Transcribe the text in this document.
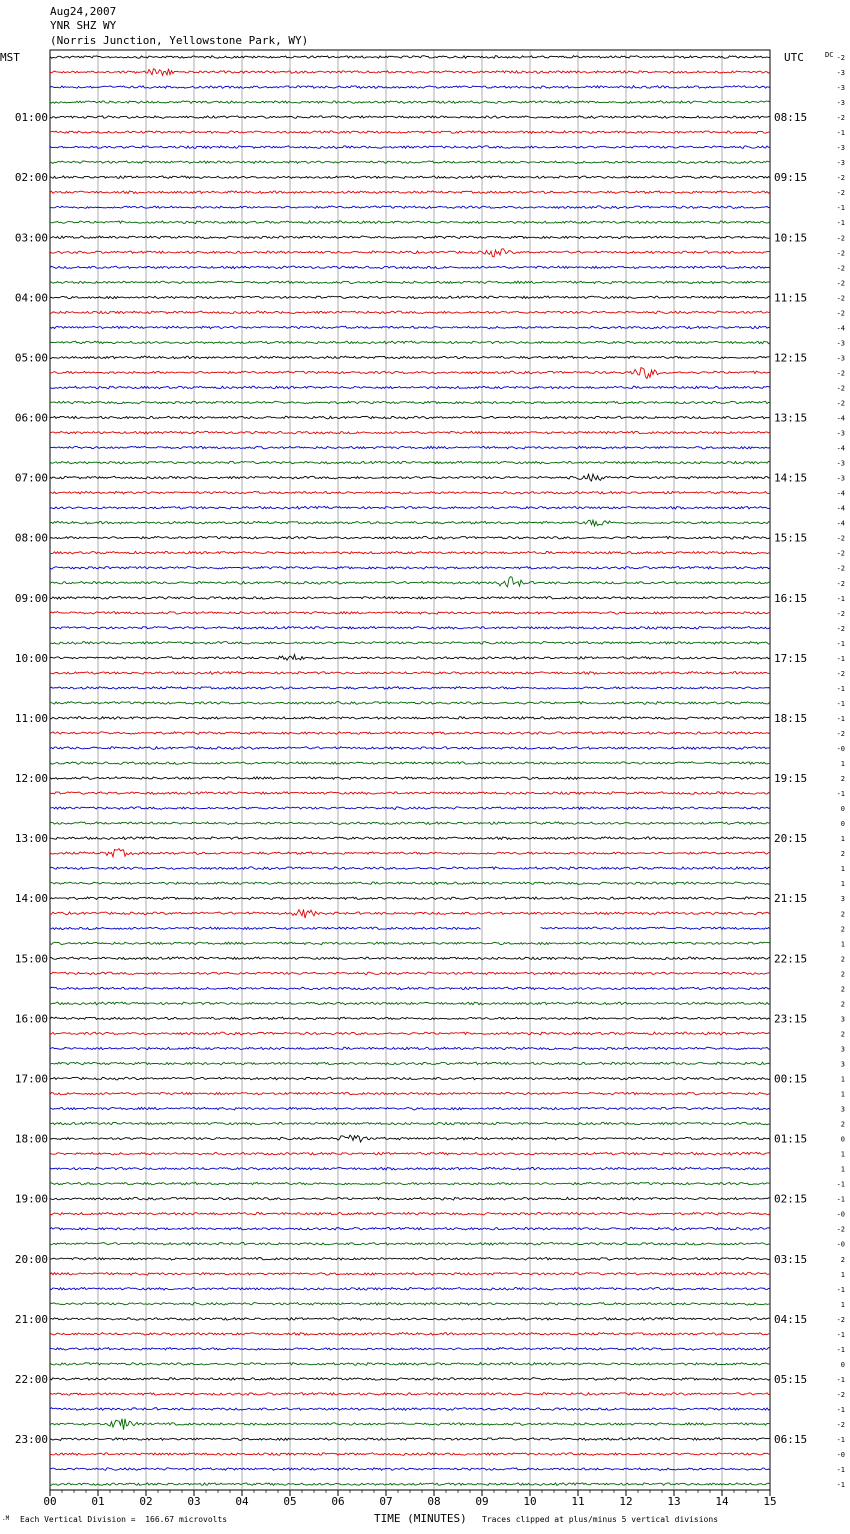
Aug24,2007
YNR SHZ WY
(Norris Junction, Yellowstone Park, WY)
-2
-3
-3
-3
-2
-1
-3
-3
-2
-2
-1
-1
-2
-2
-2
-2
-2
-2
-4
-3
-3
-2
-2
-2
-4
-3
-4
-3
-3
-4
-4
-4
-2
-2
-2
-2
-1
-2
-2
-1
-1
-2
-1
-1
-1
-2
-0
1
2
-1
0
0
1
2
1
1
3
2
2
1
2
2
2
2
3
2
3
3
1
1
3
2
0
1
1
-1
-1
-0
-2
-0
2
1
-1
1
-2
-1
-1
0
-1
-2
-1
-2
-1
-0
-1
-1
MST	UTC	DC
01:00
02:00
03:00
04:00
05:00
06:00
07:00
08:00
09:00
10:00
11:00
12:00
13:00
14:00
15:00
16:00
17:00
18:00
19:00
20:00
21:00
22:00
23:00
08:15
09:15
10:15
11:15
12:15
13:15
14:15
15:15
16:15
17:15
18:15
19:15
20:15
21:15
22:15
23:15
00:15
01:15
02:15
03:15
04:15
05:15
06:15
00	01	02	03	04	05	06	07	08	09	10	11	12	13	14	15
.M Each Vertical Division =  166.67 microvolts	TIME (MINUTES) Traces clipped at plus/minus 5 vertical divisions
